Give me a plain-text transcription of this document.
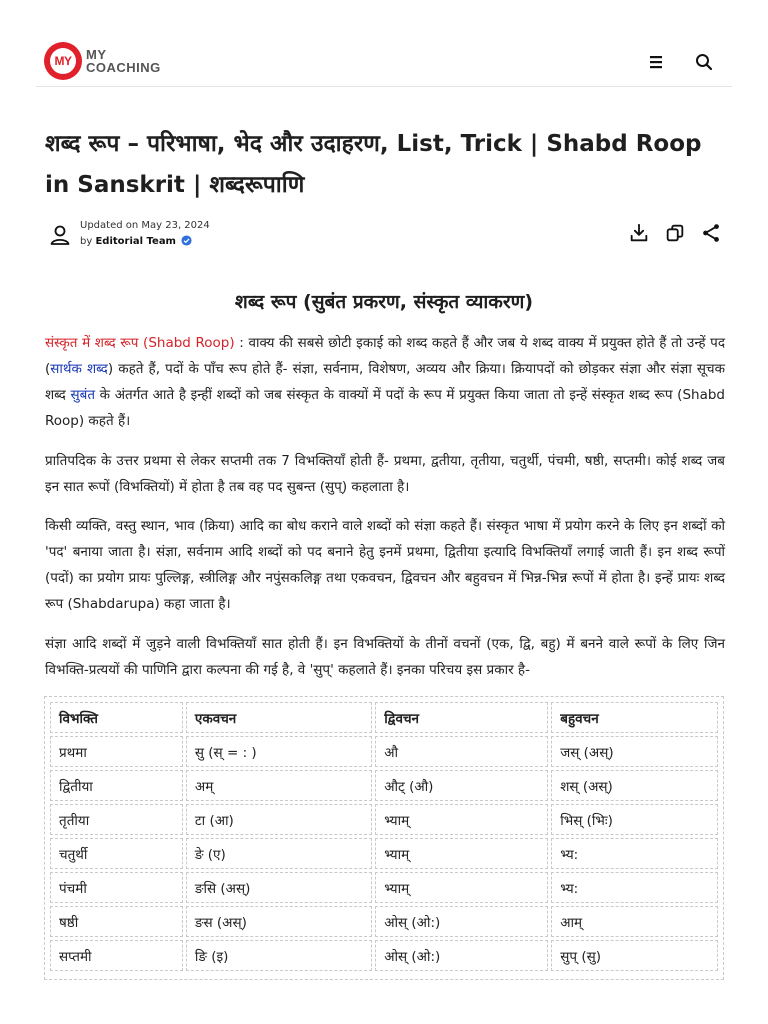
MY	MY
COACHING
शब्द रूप – परिभाषा, भेद और उदाहरण, List, Trick | Shabd Roop in Sanskrit | शब्दरूपाणि
Updated on May 23, 2024
by Editorial Team
शब्द रूप (सुबंत प्रकरण, संस्कृत व्याकरण)

संस्कृत में शब्द रूप (Shabd Roop) : वाक्य की सबसे छोटी इकाई को शब्द कहते हैं और जब ये शब्द वाक्य में प्रयुक्त होते हैं तो उन्हें पद (सार्थक शब्द) कहते हैं, पदों के पाँच रूप होते हैं- संज्ञा, सर्वनाम, विशेषण, अव्यय और क्रिया। क्रियापदों को छोड़कर संज्ञा और संज्ञा सूचक शब्द सुबंत के अंतर्गत आते है इन्हीं शब्दों को जब संस्कृत के वाक्यों में पदों के रूप में प्रयुक्त किया जाता तो इन्हें संस्कृत शब्द रूप (Shabd Roop) कहते हैं।

प्रातिपदिक के उत्तर प्रथमा से लेकर सप्तमी तक 7 विभक्तियाँ होती हैं- प्रथमा, द्वतीया, तृतीया, चतुर्थी, पंचमी, षष्ठी, सप्तमी। कोई शब्द जब इन सात रूपों (विभक्तियों) में होता है तब वह पद सुबन्त (सुप्) कहलाता है।

किसी व्यक्ति, वस्तु स्थान, भाव (क्रिया) आदि का बोध कराने वाले शब्दों को संज्ञा कहते हैं। संस्कृत भाषा में प्रयोग करने के लिए इन शब्दों को 'पद' बनाया जाता है। संज्ञा, सर्वनाम आदि शब्दों को पद बनाने हेतु इनमें प्रथमा, द्वितीया इत्यादि विभक्तियाँ लगाई जाती हैं। इन शब्द रूपों (पदों) का प्रयोग प्रायः पुल्लिङ्ग, स्त्रीलिङ्ग और नपुंसकलिङ्ग तथा एकवचन, द्विवचन और बहुवचन में भिन्न-भिन्न रूपों में होता है। इन्हें प्रायः शब्द रूप (Shabdarupa) कहा जाता है।

संज्ञा आदि शब्दों में जुड़ने वाली विभक्तियाँ सात होती हैं। इन विभक्तियों के तीनों वचनों (एक, द्वि, बहु) में बनने वाले रूपों के लिए जिन विभक्ति-प्रत्ययों की पाणिनि द्वारा कल्पना की गई है, वे 'सुप्' कहलाते हैं। इनका परिचय इस प्रकार है-

विभक्ति	एकवचन	द्विवचन	बहुवचन
प्रथमा	सु (स् = : )	औ	जस् (अस्)
द्वितीया	अम्	औट् (औ)	शस् (अस्)
तृतीया	टा (आ)	भ्याम्	भिस् (भिः)
चतुर्थी	ङे (ए)	भ्याम्	भ्य:
पंचमी	ङसि (अस्)	भ्याम्	भ्य:
षष्ठी	ङस (अस्)	ओस् (ओ:)	आम्
सप्तमी	ङि (इ)	ओस् (ओ:)	सुप् (सु)
